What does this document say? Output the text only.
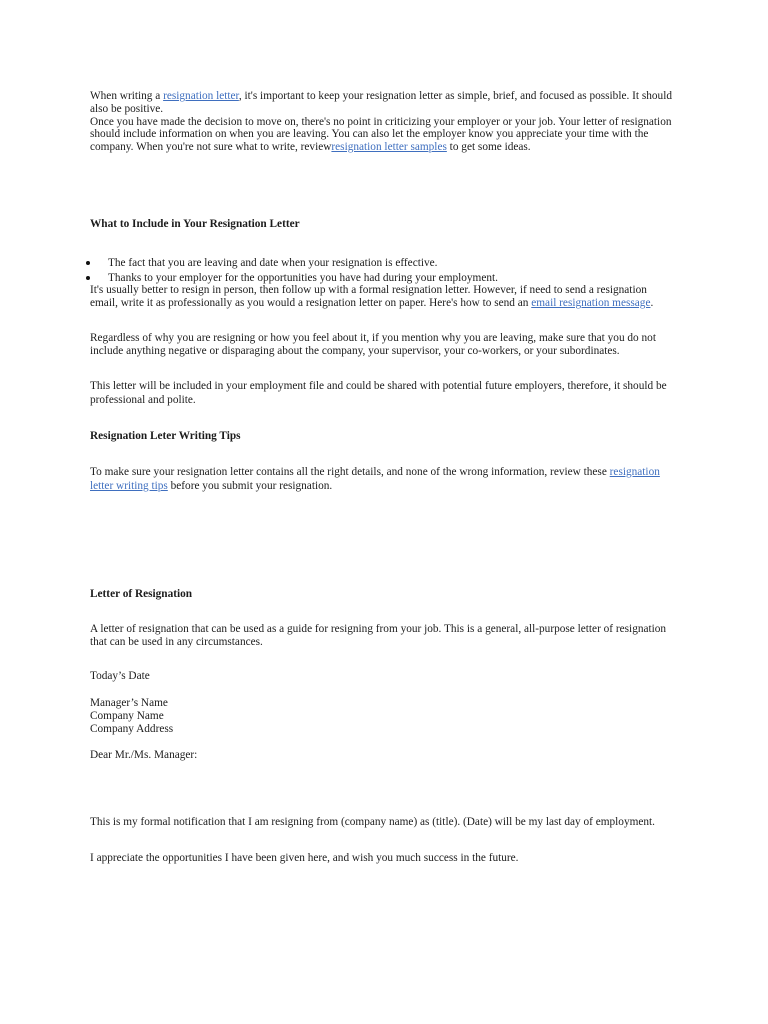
When writing a resignation letter, it's important to keep your resignation letter as simple, brief, and focused as possible. It should
also be positive.
Once you have made the decision to move on, there's no point in criticizing your employer or your job. Your letter of resignation
should include information on when you are leaving. You can also let the employer know you appreciate your time with the
company. When you're not sure what to write, reviewresignation letter samples to get some ideas.
What to Include in Your Resignation Letter
The fact that you are leaving and date when your resignation is effective.
Thanks to your employer for the opportunities you have had during your employment.
It's usually better to resign in person, then follow up with a formal resignation letter. However, if need to send a resignation
email, write it as professionally as you would a resignation letter on paper. Here's how to send an email resignation message.
Regardless of why you are resigning or how you feel about it, if you mention why you are leaving, make sure that you do not
include anything negative or disparaging about the company, your supervisor, your co-workers, or your subordinates.
This letter will be included in your employment file and could be shared with potential future employers, therefore, it should be
professional and polite.
Resignation Leter Writing Tips
To make sure your resignation letter contains all the right details, and none of the wrong information, review these resignation
letter writing tips before you submit your resignation.
Letter of Resignation
A letter of resignation that can be used as a guide for resigning from your job. This is a general, all-purpose letter of resignation
that can be used in any circumstances.
Today’s Date
Manager’s Name
Company Name
Company Address
Dear Mr./Ms. Manager:
This is my formal notification that I am resigning from (company name) as (title). (Date) will be my last day of employment.
I appreciate the opportunities I have been given here, and wish you much success in the future.
